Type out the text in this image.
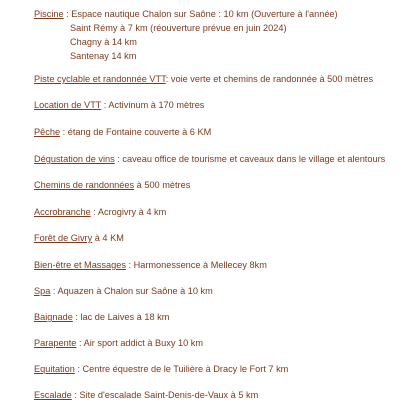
Piscine : Espace nautique Chalon sur Saône : 10 km (Ouverture à l'année)
Saint Rémy à 7 km (réouverture prévue en juin 2024)
Chagny à 14 km
Santenay 14 km
Piste cyclable et randonnée VTT: voie verte et chemins de randonnée à 500 mètres
Location de VTT : Activinum à 170 mètres
Pêche : étang de Fontaine couverte à 6 KM
Dégustation de vins : caveau office de tourisme et caveaux dans le village et alentours
Chemins de randonnées à 500 mètres
Accrobranche : Acrogivry à 4 km
Forêt de Givry à 4 KM
Bien-être et Massages : Harmonessence à Mellecey 8km
Spa : Aquazen à Chalon sur Saône à 10 km
Baignade : lac de Laives à 18 km
Parapente : Air sport addict à Buxy 10 km
Equitation : Centre équestre de le Tuilière à Dracy le Fort 7 km
Escalade : Site d'escalade Saint-Denis-de-Vaux à 5 km
